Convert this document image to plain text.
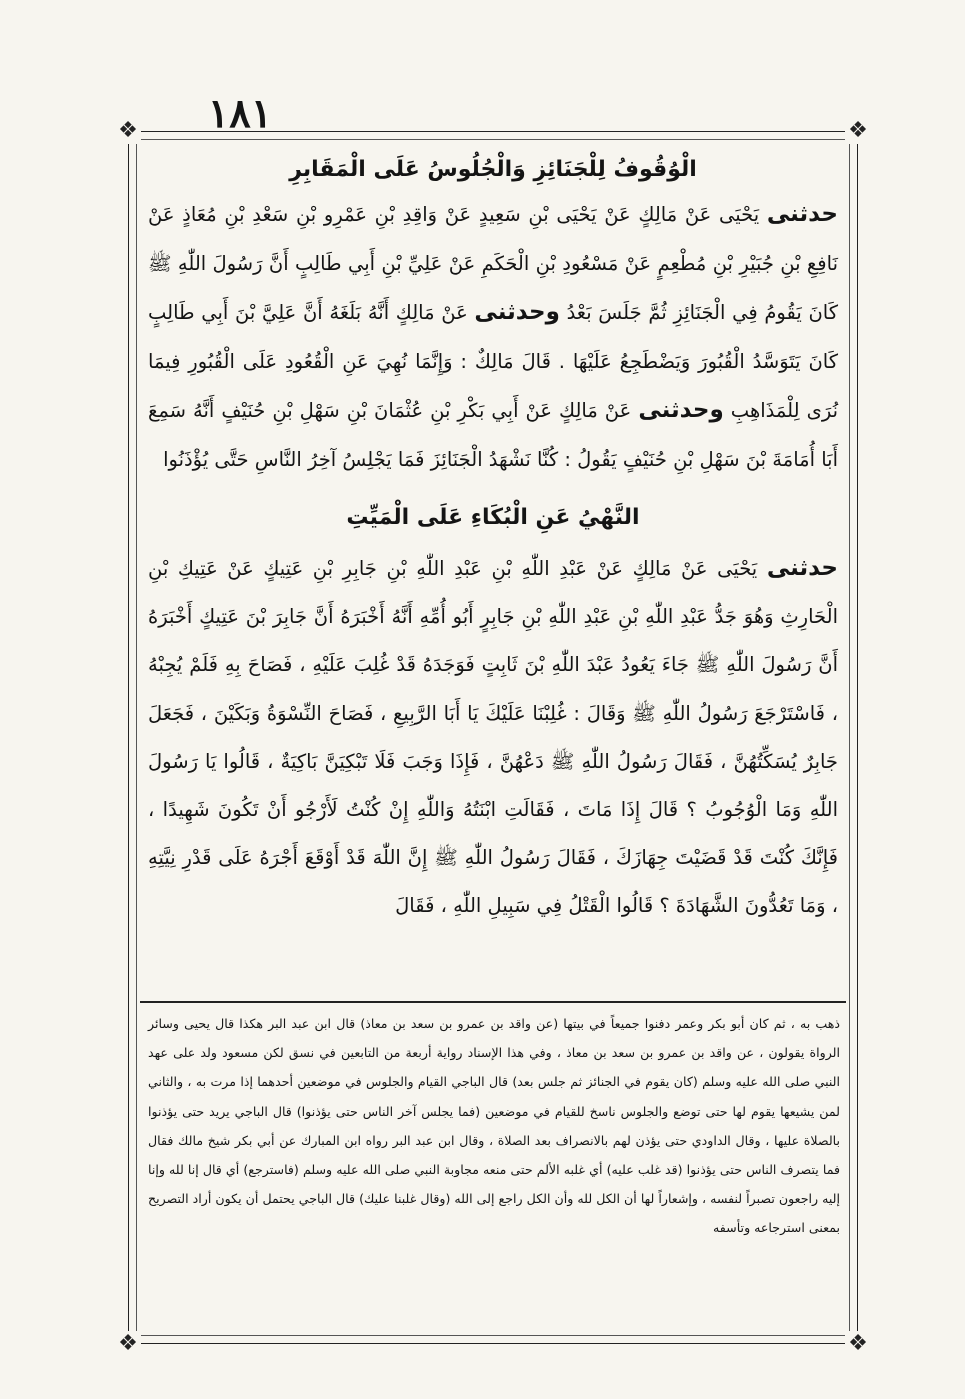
١٨١
❖	❖
❖	❖
الْوُقُوفُ لِلْجَنَائِزِ وَالْجُلُوسُ عَلَى الْمَقَابِرِ

حدثنى يَحْيَى عَنْ مَالِكٍ عَنْ يَحْيَى بْنِ سَعِيدٍ عَنْ وَاقِدِ بْنِ عَمْرِو بْنِ سَعْدِ بْنِ مُعَاذٍ عَنْ نَافِعِ بْنِ جُبَيْرِ بْنِ مُطْعِمٍ عَنْ مَسْعُودِ بْنِ الْحَكَمِ عَنْ عَلِيِّ بْنِ أَبِي طَالِبٍ أَنَّ رَسُولَ اللّٰهِ ﷺ كَانَ يَقُومُ فِي الْجَنَائِزِ ثُمَّ جَلَسَ بَعْدُ وحدثنى عَنْ مَالِكٍ أَنَّهُ بَلَغَهُ أَنَّ عَلِيَّ بْنَ أَبِي طَالِبٍ كَانَ يَتَوَسَّدُ الْقُبُورَ وَيَضْطَجِعُ عَلَيْهَا . قَالَ مَالِكٌ : وَإِنَّمَا نُهِيَ عَنِ الْقُعُودِ عَلَى الْقُبُورِ فِيمَا نُرَى لِلْمَذَاهِبِ وحدثنى عَنْ مَالِكٍ عَنْ أَبِي بَكْرِ بْنِ عُثْمَانَ بْنِ سَهْلِ بْنِ حُنَيْفٍ أَنَّهُ سَمِعَ أَبَا أُمَامَةَ بْنَ سَهْلِ بْنِ حُنَيْفٍ يَقُولُ : كُنَّا نَشْهَدُ الْجَنَائِزَ فَمَا يَجْلِسُ آخِرُ النَّاسِ حَتَّى يُؤْذَنُوا

النَّهْيُ عَنِ الْبُكَاءِ عَلَى الْمَيِّتِ

حدثنى يَحْيَى عَنْ مَالِكٍ عَنْ عَبْدِ اللّٰهِ بْنِ عَبْدِ اللّٰهِ بْنِ جَابِرِ بْنِ عَتِيكٍ عَنْ عَتِيكِ بْنِ الْحَارِثِ وَهُوَ جَدُّ عَبْدِ اللّٰهِ بْنِ عَبْدِ اللّٰهِ بْنِ جَابِرٍ أَبُو أُمِّهِ أَنَّهُ أَخْبَرَهُ أَنَّ جَابِرَ بْنَ عَتِيكٍ أَخْبَرَهُ أَنَّ رَسُولَ اللّٰهِ ﷺ جَاءَ يَعُودُ عَبْدَ اللّٰهِ بْنَ ثَابِتٍ فَوَجَدَهُ قَدْ غُلِبَ عَلَيْهِ ، فَصَاحَ بِهِ فَلَمْ يُجِبْهُ ، فَاسْتَرْجَعَ رَسُولُ اللّٰهِ ﷺ وَقَالَ : غُلِبْنَا عَلَيْكَ يَا أَبَا الرَّبِيعِ ، فَصَاحَ النِّسْوَةُ وَبَكَيْنَ ، فَجَعَلَ جَابِرٌ يُسَكِّتُهُنَّ ، فَقَالَ رَسُولُ اللّٰهِ ﷺ دَعْهُنَّ ، فَإِذَا وَجَبَ فَلَا تَبْكِيَنَّ بَاكِيَةٌ ، قَالُوا يَا رَسُولَ اللّٰهِ وَمَا الْوُجُوبُ ؟ قَالَ إِذَا مَاتَ ، فَقَالَتِ ابْنَتُهُ وَاللّٰهِ إِنْ كُنْتُ لَأَرْجُو أَنْ تَكُونَ شَهِيدًا ، فَإِنَّكَ كُنْتَ قَدْ قَضَيْتَ جِهَازَكَ ، فَقَالَ رَسُولُ اللّٰهِ ﷺ إِنَّ اللّٰهَ قَدْ أَوْقَعَ أَجْرَهُ عَلَى قَدْرِ نِيَّتِهِ ، وَمَا تَعُدُّونَ الشَّهَادَةَ ؟ قَالُوا الْقَتْلُ فِي سَبِيلِ اللّٰهِ ، فَقَالَ

ذهب به ، ثم كان أبو بكر وعمر دفنوا جميعاً في بيتها (عن واقد بن عمرو بن سعد بن معاذ) قال ابن عبد البر هكذا قال يحيى وسائر الرواة يقولون ، عن واقد بن عمرو بن سعد بن معاذ ، وفي هذا الإسناد رواية أربعة من التابعين في نسق لكن مسعود ولد على عهد النبي صلى الله عليه وسلم (كان يقوم في الجنائز ثم جلس بعد) قال الباجي القيام والجلوس في موضعين أحدهما إذا مرت به ، والثاني لمن يشيعها يقوم لها حتى توضع والجلوس ناسخ للقيام في موضعين (فما يجلس آخر الناس حتى يؤذنوا) قال الباجي يريد حتى يؤذنوا بالصلاة عليها ، وقال الداودي حتى يؤذن لهم بالانصراف بعد الصلاة ، وقال ابن عبد البر رواه ابن المبارك عن أبي بكر شيخ مالك فقال فما يتصرف الناس حتى يؤذنوا (قد غلب عليه) أي غلبه الألم حتى منعه مجاوبة النبي صلى الله عليه وسلم (فاسترجع) أي قال إنا لله وإنا إليه راجعون تصبراً لنفسه ، وإشعاراً لها أن الكل لله وأن الكل راجع إلى الله (وقال غلبنا عليك) قال الباجي يحتمل أن يكون أراد التصريح بمعنى استرجاعه وتأسفه
